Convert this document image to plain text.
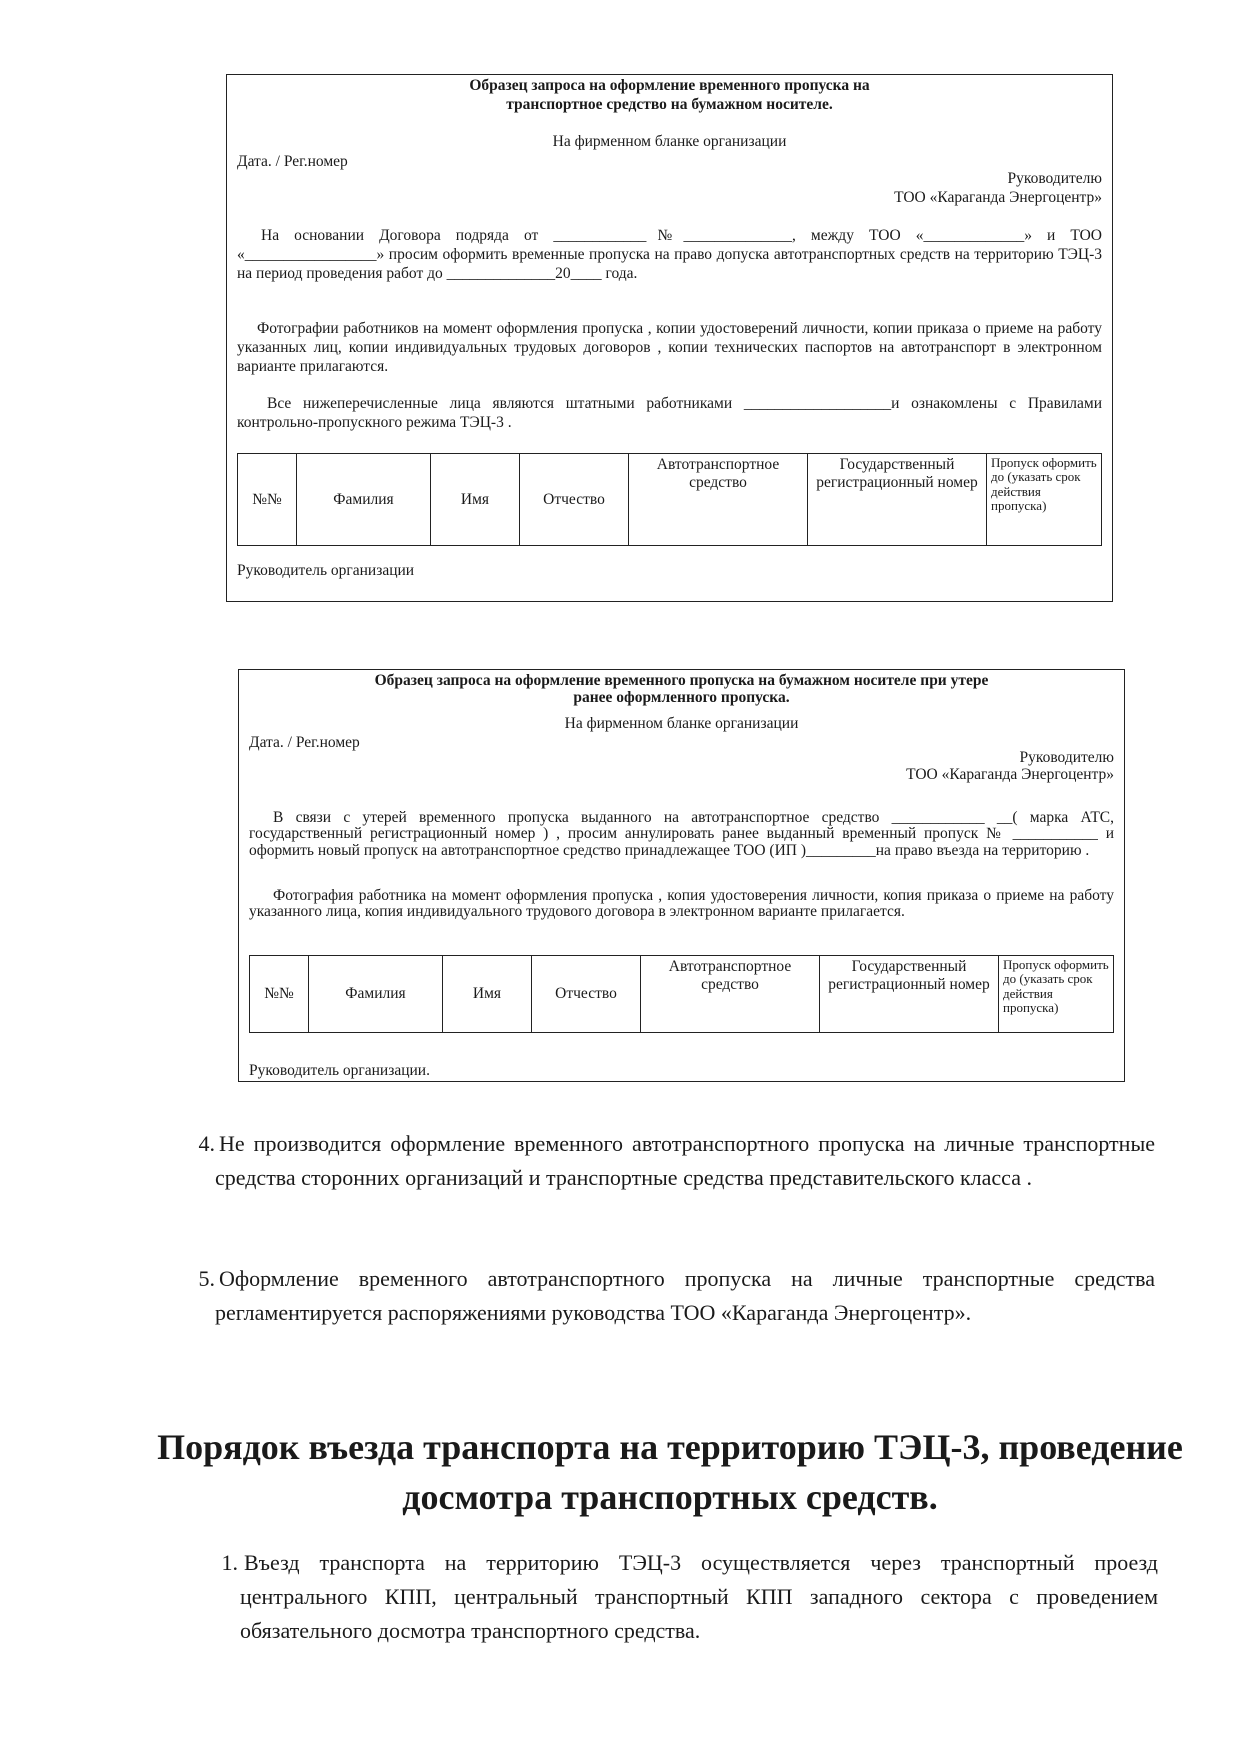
Образец запроса на оформление временного пропуска на
транспортное средство на бумажном носителе.
На фирменном бланке организации
Дата. / Рег.номер
Руководителю
ТОО «Караганда Энергоцентр»
На основании Договора подряда от ____________№______________, между ТОО «_____________» и ТОО «_________________» просим оформить временные пропуска на право допуска автотранспортных средств на территорию ТЭЦ-3 на период проведения работ до ______________20____ года.
Фотографии работников на момент оформления пропуска , копии удостоверений личности, копии приказа о приеме на работу указанных лиц, копии индивидуальных трудовых договоров , копии технических паспортов на автотранспорт в электронном варианте прилагаются.
Все нижеперечисленные лица являются штатными работниками ___________________и ознакомлены с Правилами контрольно-пропускного режима ТЭЦ-3 .
№№	Фамилия	Имя	Отчество	Автотранспортное средство	Государственный регистрационный номер	Пропуск оформить до (указать срок действия пропуска)
Руководитель организации
Образец запроса на оформление временного пропуска на бумажном носителе при утере
ранее оформленного пропуска.
На фирменном бланке организации
Дата. / Рег.номер
Руководителю
ТОО «Караганда Энергоцентр»
В связи с утерей временного пропуска выданного на автотранспортное средство ____________ __( марка АТС, государственный регистрационный номер ) , просим аннулировать ранее выданный временный пропуск № ___________ и оформить новый пропуск на автотранспортное средство принадлежащее ТОО (ИП )_________на право въезда на территорию .
Фотография работника на момент оформления пропуска , копия удостоверения личности, копия приказа о приеме на работу указанного лица, копия индивидуального трудового договора в электронном варианте прилагается.
№№	Фамилия	Имя	Отчество	Автотранспортное средство	Государственный регистрационный номер	Пропуск оформить до (указать срок действия пропуска)
Руководитель организации.
4. Не производится оформление временного автотранспортного пропуска на личные транспортные средства сторонних организаций и транспортные средства представительского класса .
5. Оформление временного автотранспортного пропуска на личные транспортные средства регламентируется распоряжениями руководства ТОО «Караганда Энергоцентр».
Порядок въезда транспорта на территорию ТЭЦ-3, проведение досмотра транспортных средств.
1. Въезд транспорта на территорию ТЭЦ-3 осуществляется через транспортный проезд центрального КПП, центральный транспортный КПП западного сектора с проведением обязательного досмотра транспортного средства.
